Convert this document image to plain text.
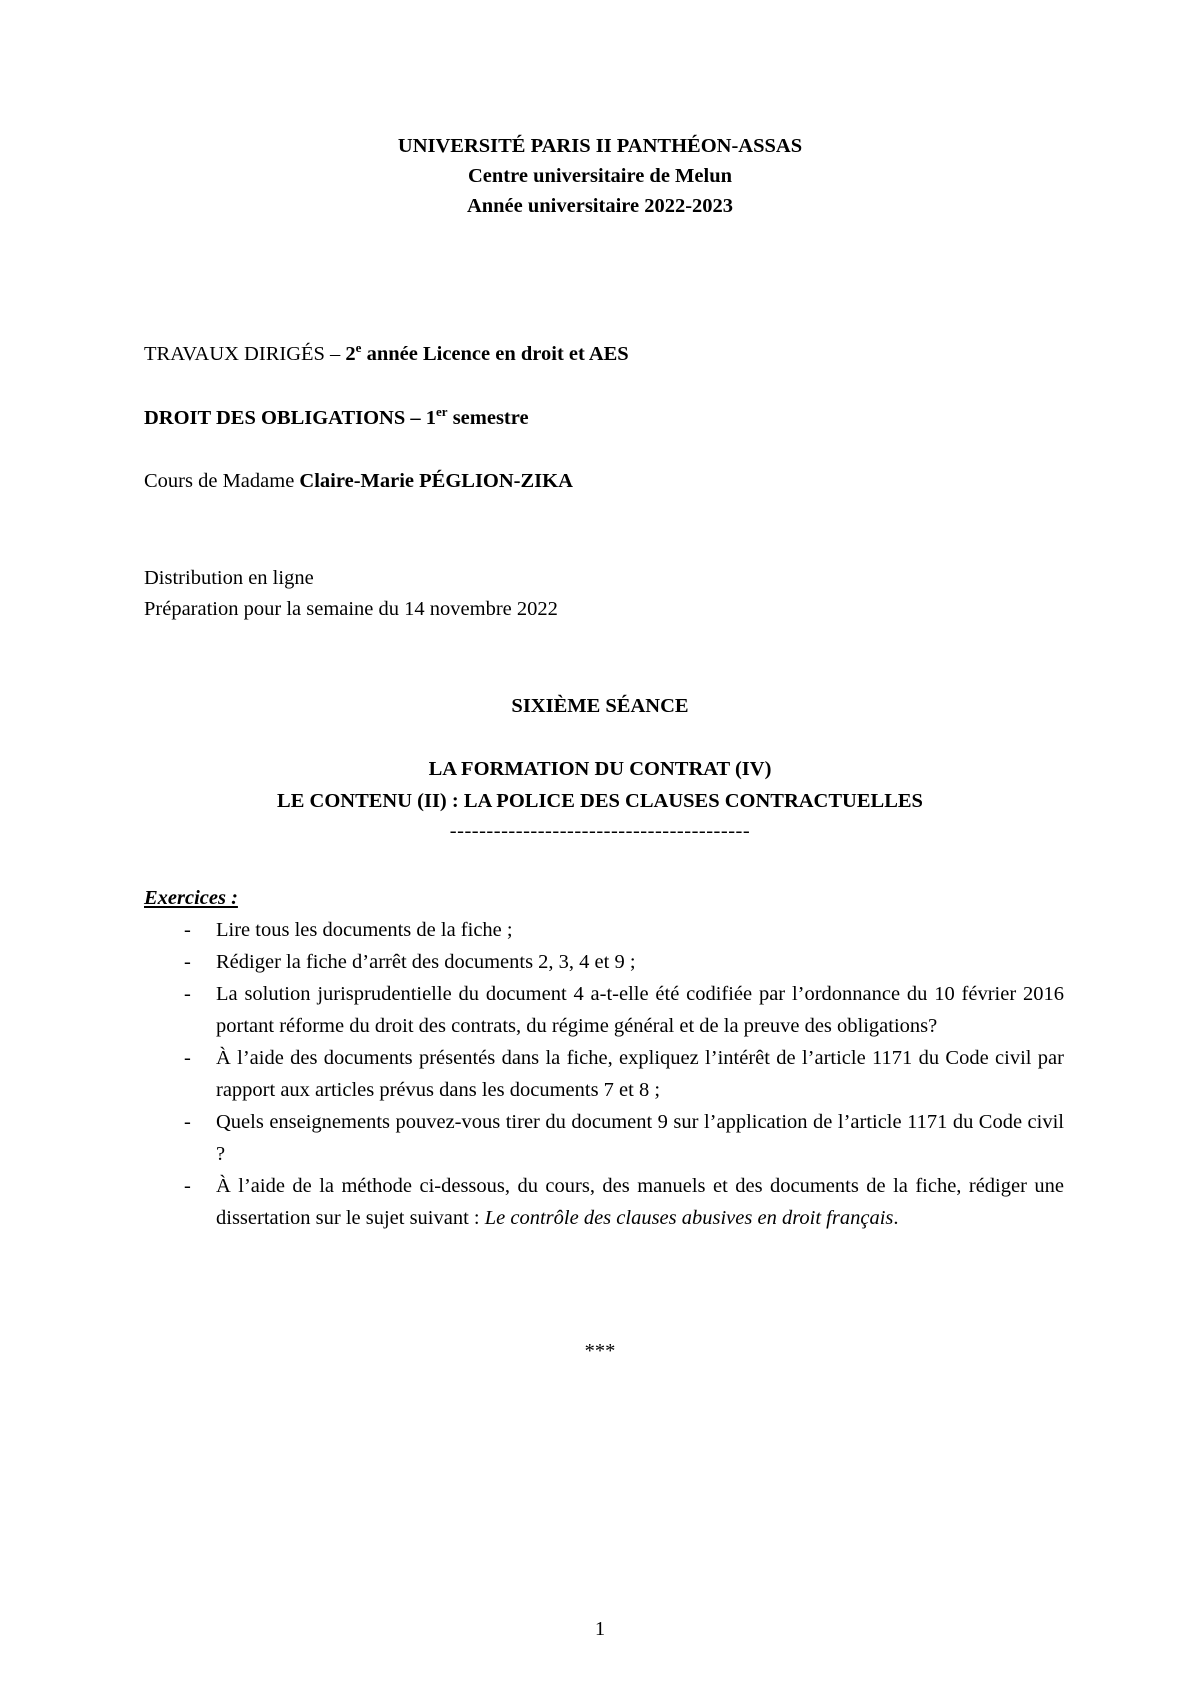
UNIVERSITÉ PARIS II PANTHÉON-ASSAS
Centre universitaire de Melun
Année universitaire 2022-2023
TRAVAUX DIRIGÉS – 2e année Licence en droit et AES
DROIT DES OBLIGATIONS – 1er semestre
Cours de Madame Claire-Marie PÉGLION-ZIKA
Distribution en ligne
Préparation pour la semaine du 14 novembre 2022
SIXIÈME SÉANCE
LA FORMATION DU CONTRAT (IV)
LE CONTENU (II) : LA POLICE DES CLAUSES CONTRACTUELLES
-----------------------------------------
Exercices :
- Lire tous les documents de la fiche ;
- Rédiger la fiche d’arrêt des documents 2, 3, 4 et 9 ;
- La solution jurisprudentielle du document 4 a-t-elle été codifiée par l’ordonnance du 10 février 2016 portant réforme du droit des contrats, du régime général et de la preuve des obligations?
- À l’aide des documents présentés dans la fiche, expliquez l’intérêt de l’article 1171 du Code civil par rapport aux articles prévus dans les documents 7 et 8 ;
- Quels enseignements pouvez-vous tirer du document 9 sur l’application de l’article 1171 du Code civil ?
- À l’aide de la méthode ci-dessous, du cours, des manuels et des documents de la fiche, rédiger une dissertation sur le sujet suivant : Le contrôle des clauses abusives en droit français.
***
1
